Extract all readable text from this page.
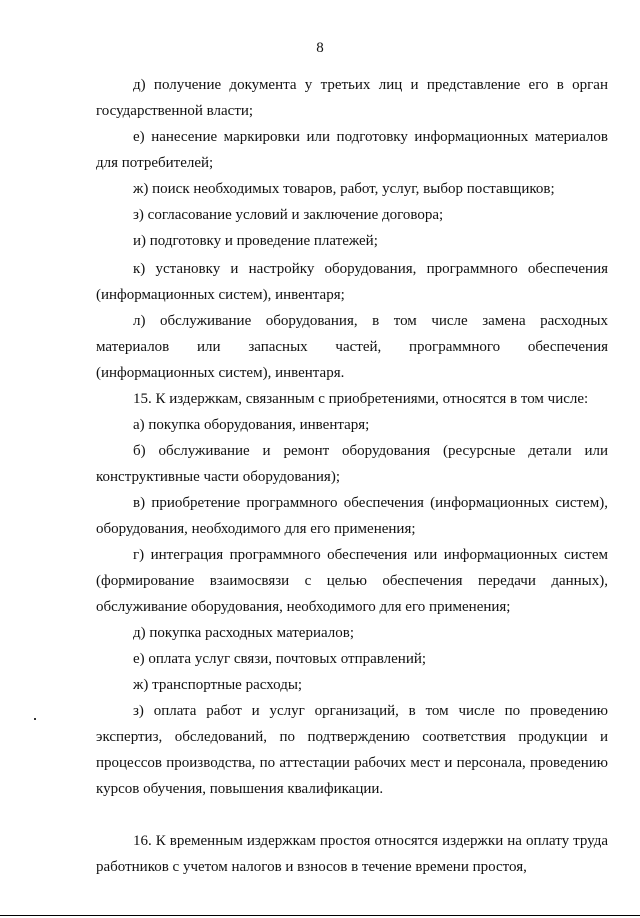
8

д) получение документа у третьих лиц и представление его в орган государственной власти;

е) нанесение маркировки или подготовку информационных материалов для потребителей;

ж) поиск необходимых товаров, работ, услуг, выбор поставщиков;

з) согласование условий и заключение договора;

и) подготовку и проведение платежей;

к) установку и настройку оборудования, программного обеспечения (информационных систем), инвентаря;

л) обслуживание оборудования, в том числе замена расходных материалов или запасных частей, программного обеспечения (информационных систем), инвентаря.

15. К издержкам, связанным с приобретениями, относятся в том числе:

а) покупка оборудования, инвентаря;

б) обслуживание и ремонт оборудования (ресурсные детали или конструктивные части оборудования);

в) приобретение программного обеспечения (информационных систем), оборудования, необходимого для его применения;

г) интеграция программного обеспечения или информационных систем (формирование взаимосвязи с целью обеспечения передачи данных), обслуживание оборудования, необходимого для его применения;

д) покупка расходных материалов;

е) оплата услуг связи, почтовых отправлений;

ж) транспортные расходы;

з) оплата работ и услуг организаций, в том числе по проведению экспертиз, обследований, по подтверждению соответствия продукции и процессов производства, по аттестации рабочих мест и персонала, проведению курсов обучения, повышения квалификации.

16. К временным издержкам простоя относятся издержки на оплату труда работников с учетом налогов и взносов в течение времени простоя,
